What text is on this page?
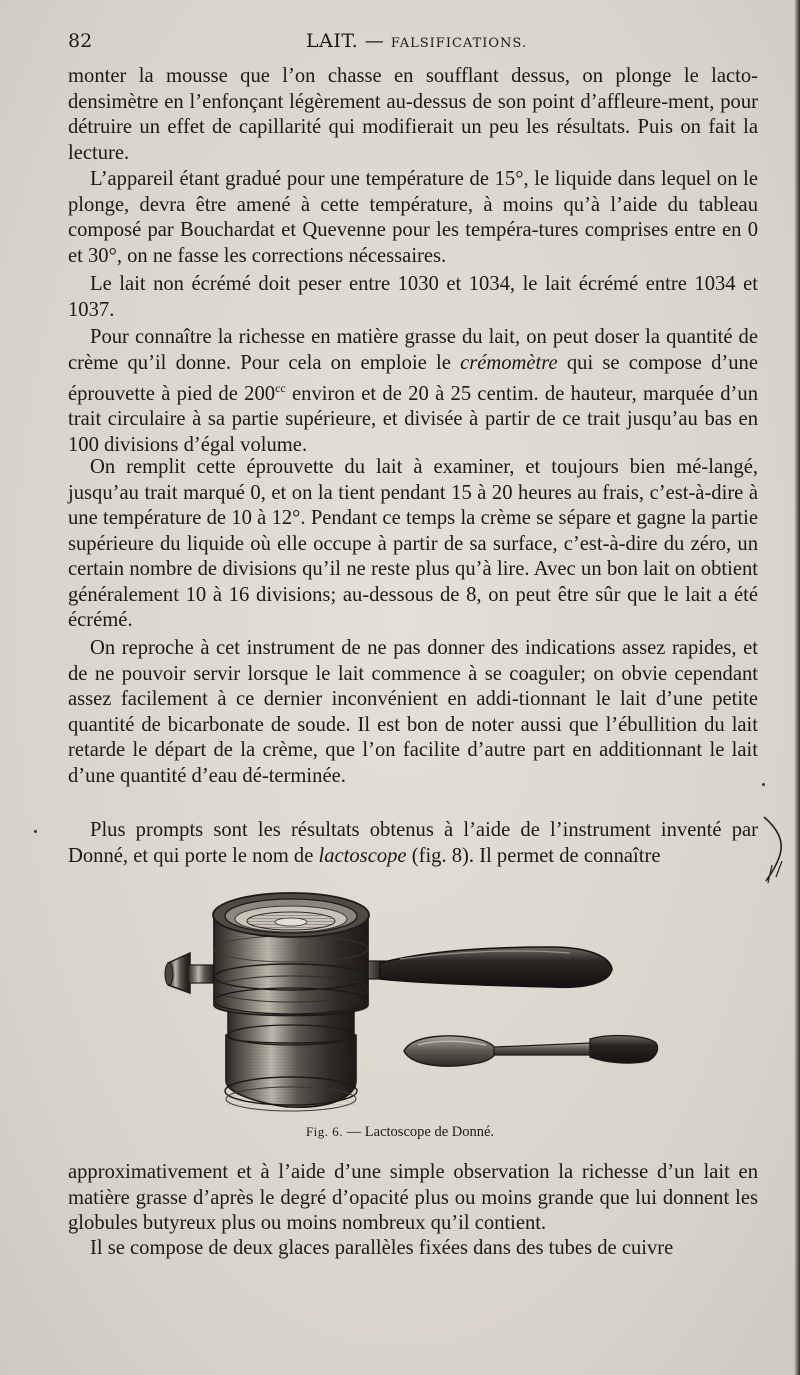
82	LAIT. — FALSIFICATIONS.

monter la mousse que l’on chasse en soufflant dessus, on plonge le lacto-densimètre en l’enfonçant légèrement au-dessus de son point d’affleure-ment, pour détruire un effet de capillarité qui modifierait un peu les résultats. Puis on fait la lecture.

L’appareil étant gradué pour une température de 15°, le liquide dans lequel on le plonge, devra être amené à cette température, à moins qu’à l’aide du tableau composé par Bouchardat et Quevenne pour les tempéra-tures comprises entre en 0 et 30°, on ne fasse les corrections nécessaires.

Le lait non écrémé doit peser entre 1030 et 1034, le lait écrémé entre 1034 et 1037.

Pour connaître la richesse en matière grasse du lait, on peut doser la quantité de crème qu’il donne. Pour cela on emploie le crémomètre qui se compose d’une éprouvette à pied de $200^{cc}$ environ et de 20 à 25 centim. de hauteur, marquée d’un trait circulaire à sa partie supérieure, et divisée à partir de ce trait jusqu’au bas en 100 divisions d’égal volume.

On remplit cette éprouvette du lait à examiner, et toujours bien mé-langé, jusqu’au trait marqué 0, et on la tient pendant 15 à 20 heures au frais, c’est-à-dire à une température de 10 à 12°. Pendant ce temps la crème se sépare et gagne la partie supérieure du liquide où elle occupe à partir de sa surface, c’est-à-dire du zéro, un certain nombre de divisions qu’il ne reste plus qu’à lire. Avec un bon lait on obtient généralement 10 à 16 divisions; au-dessous de 8, on peut être sûr que le lait a été écrémé.

On reproche à cet instrument de ne pas donner des indications assez rapides, et de ne pouvoir servir lorsque le lait commence à se coaguler; on obvie cependant assez facilement à ce dernier inconvénient en addi-tionnant le lait d’une petite quantité de bicarbonate de soude. Il est bon de noter aussi que l’ébullition du lait retarde le départ de la crème, que l’on facilite d’autre part en additionnant le lait d’une quantité d’eau dé-terminée.

Plus prompts sont les résultats obtenus à l’aide de l’instrument inventé par Donné, et qui porte le nom de lactoscope (fig. 8). Il permet de connaître

Fig. 6. — Lactoscope de Donné.

approximativement et à l’aide d’une simple observation la richesse d’un lait en matière grasse d’après le degré d’opacité plus ou moins grande que lui donnent les globules butyreux plus ou moins nombreux qu’il contient.

Il se compose de deux glaces parallèles fixées dans des tubes de cuivre
